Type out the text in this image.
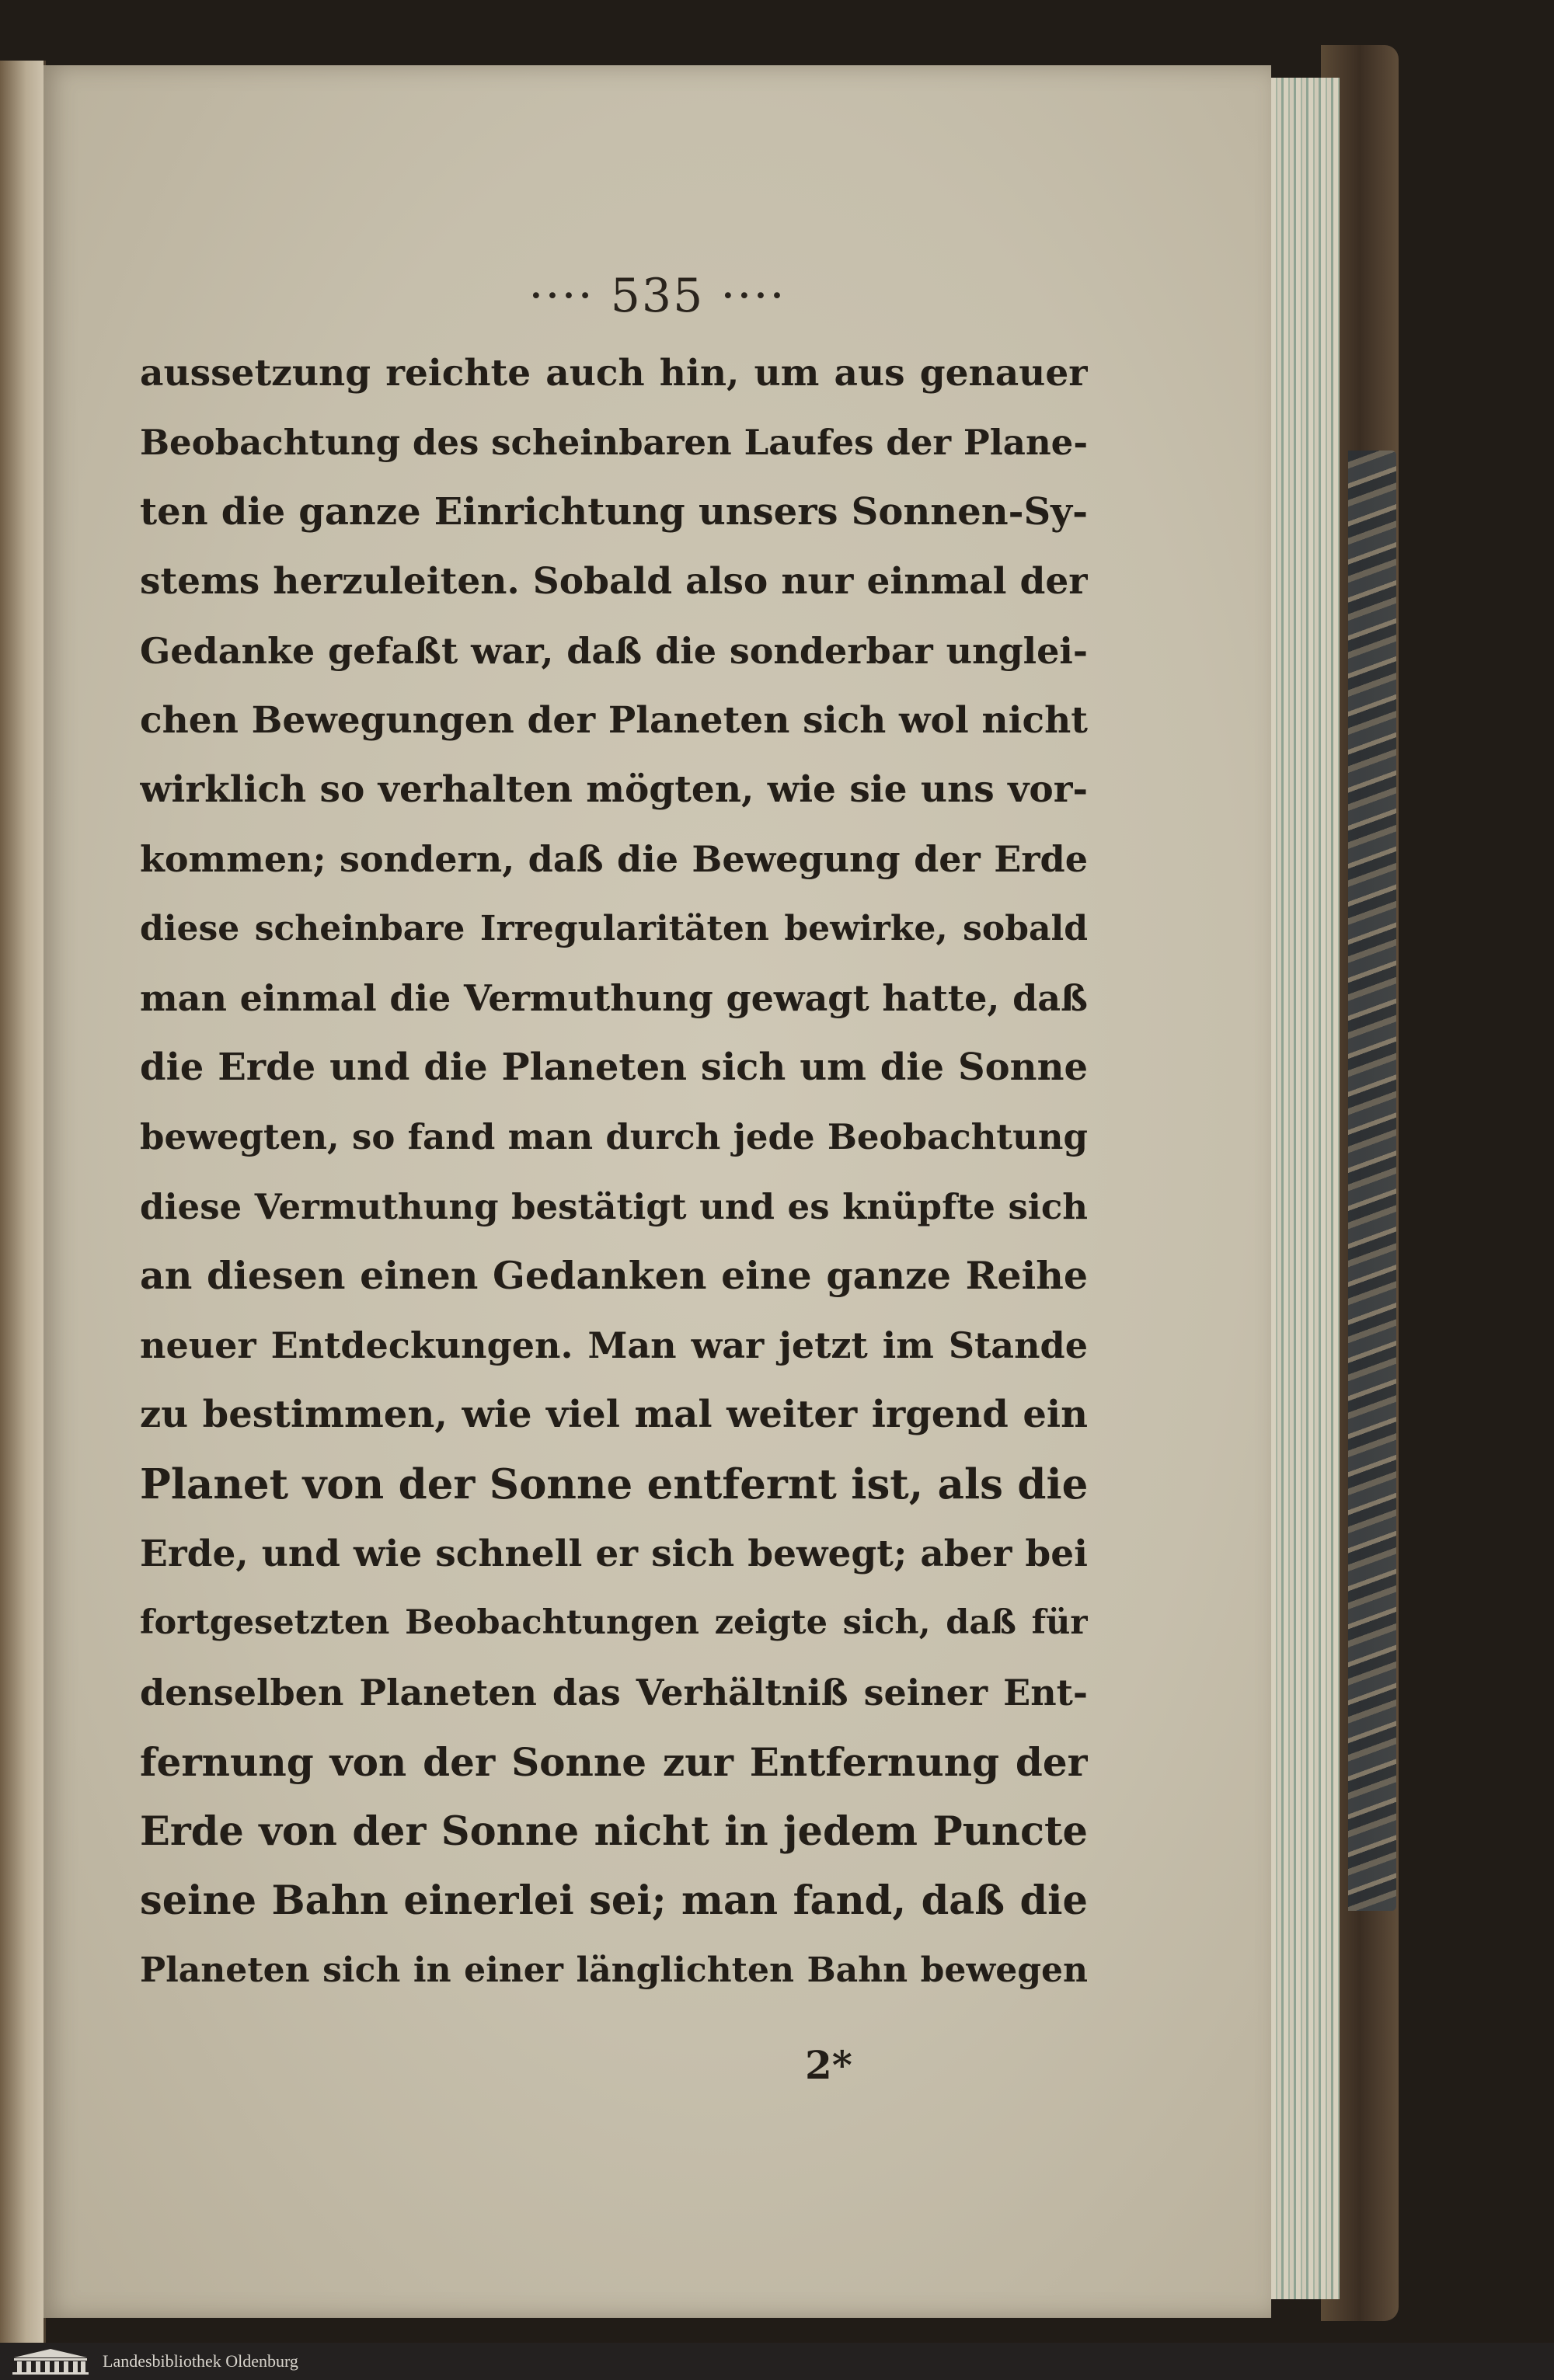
···· 535 ····
aussetzung reichte auch hin, um aus genauer
Beobachtung des scheinbaren Laufes der Plane-
ten die ganze Einrichtung unsers Sonnen-Sy-
stems herzuleiten. Sobald also nur einmal der
Gedanke gefaßt war, daß die sonderbar unglei-
chen Bewegungen der Planeten sich wol nicht
wirklich so verhalten mögten, wie sie uns vor-
kommen; sondern, daß die Bewegung der Erde
diese scheinbare Irregularitäten bewirke, sobald
man einmal die Vermuthung gewagt hatte, daß
die Erde und die Planeten sich um die Sonne
bewegten, so fand man durch jede Beobachtung
diese Vermuthung bestätigt und es knüpfte sich
an diesen einen Gedanken eine ganze Reihe
neuer Entdeckungen. Man war jetzt im Stande
zu bestimmen, wie viel mal weiter irgend ein
Planet von der Sonne entfernt ist, als die
Erde, und wie schnell er sich bewegt; aber bei
fortgesetzten Beobachtungen zeigte sich, daß für
denselben Planeten das Verhältniß seiner Ent-
fernung von der Sonne zur Entfernung der
Erde von der Sonne nicht in jedem Puncte
seine Bahn einerlei sei; man fand, daß die
Planeten sich in einer länglichten Bahn bewegen
2*
Landesbibliothek Oldenburg
